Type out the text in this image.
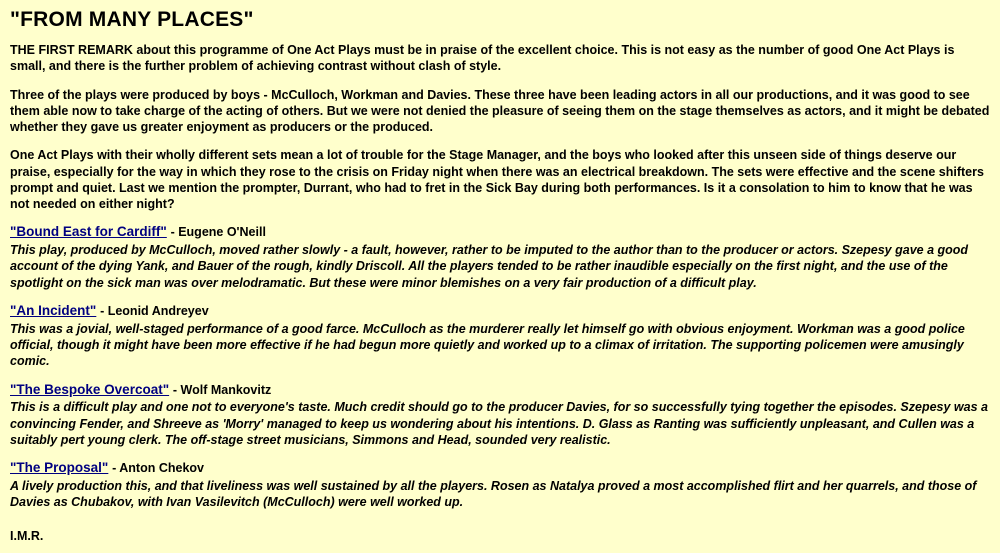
"FROM MANY PLACES"

THE FIRST REMARK about this programme of One Act Plays must be in praise of the excellent choice. This is not easy as the number of good One Act Plays is small, and there is the further problem of achieving contrast without clash of style.

Three of the plays were produced by boys - McCulloch, Workman and Davies. These three have been leading actors in all our productions, and it was good to see them able now to take charge of the acting of others. But we were not denied the pleasure of seeing them on the stage themselves as actors, and it might be debated whether they gave us greater enjoyment as producers or the produced.

One Act Plays with their wholly different sets mean a lot of trouble for the Stage Manager, and the boys who looked after this unseen side of things deserve our praise, especially for the way in which they rose to the crisis on Friday night when there was an electrical breakdown. The sets were effective and the scene shifters prompt and quiet. Last we mention the prompter, Durrant, who had to fret in the Sick Bay during both performances. Is it a consolation to him to know that he was not needed on either night?

"Bound East for Cardiff" - Eugene O'Neill

This play, produced by McCulloch, moved rather slowly - a fault, however, rather to be imputed to the author than to the producer or actors. Szepesy gave a good account of the dying Yank, and Bauer of the rough, kindly Driscoll. All the players tended to be rather inaudible especially on the first night, and the use of the spotlight on the sick man was over melodramatic. But these were minor blemishes on a very fair production of a difficult play.

"An Incident" - Leonid Andreyev

This was a jovial, well-staged performance of a good farce. McCulloch as the murderer really let himself go with obvious enjoyment. Workman was a good police official, though it might have been more effective if he had begun more quietly and worked up to a climax of irritation. The supporting policemen were amusingly comic.

"The Bespoke Overcoat" - Wolf Mankovitz

This is a difficult play and one not to everyone's taste. Much credit should go to the producer Davies, for so successfully tying together the episodes. Szepesy was a convincing Fender, and Shreeve as 'Morry' managed to keep us wondering about his intentions. D. Glass as Ranting was sufficiently unpleasant, and Cullen was a suitably pert young clerk. The off-stage street musicians, Simmons and Head, sounded very realistic.

"The Proposal" - Anton Chekov

A lively production this, and that liveliness was well sustained by all the players. Rosen as Natalya proved a most accomplished flirt and her quarrels, and those of Davies as Chubakov, with Ivan Vasilevitch (McCulloch) were well worked up.

I.M.R.
